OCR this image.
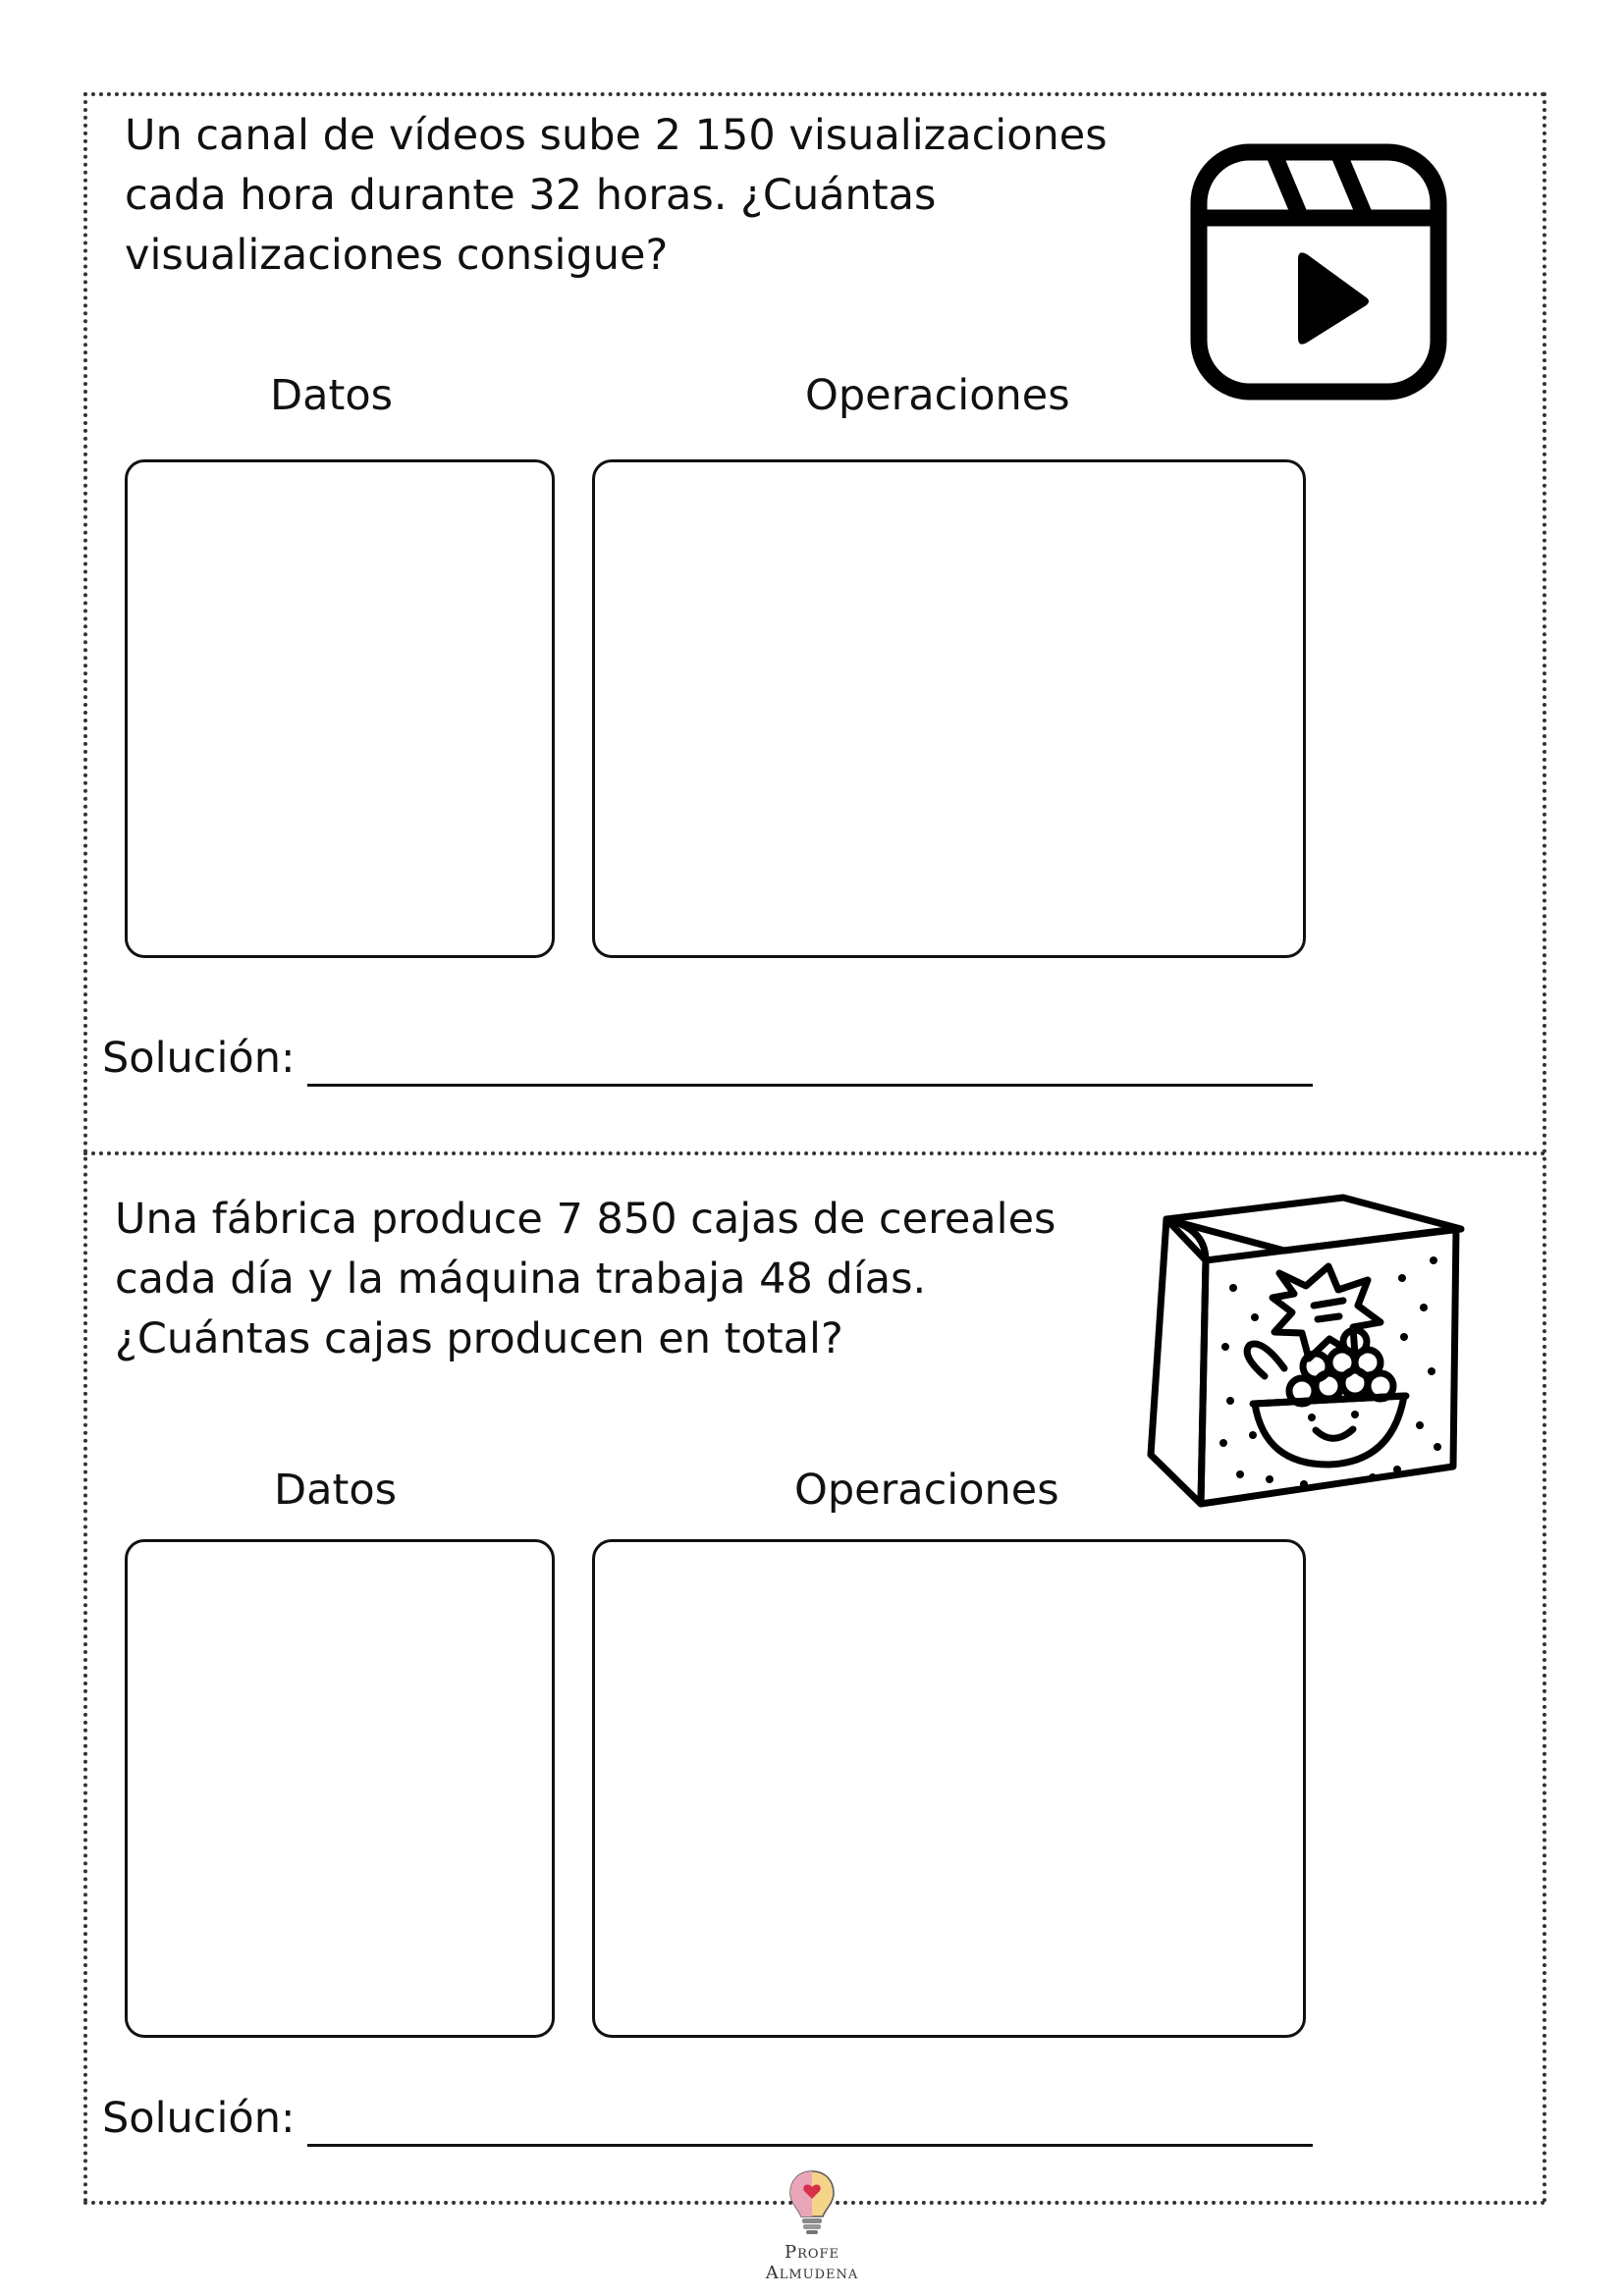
Un canal de vídeos sube 2 150 visualizaciones
cada hora durante 32 horas. ¿Cuántas
visualizaciones consigue?
Datos	Operaciones
Solución:
Una fábrica produce 7 850 cajas de cereales
cada día y la máquina trabaja 48 días.
¿Cuántas cajas producen en total?
Datos	Operaciones
Solución:
Profe Almudena
